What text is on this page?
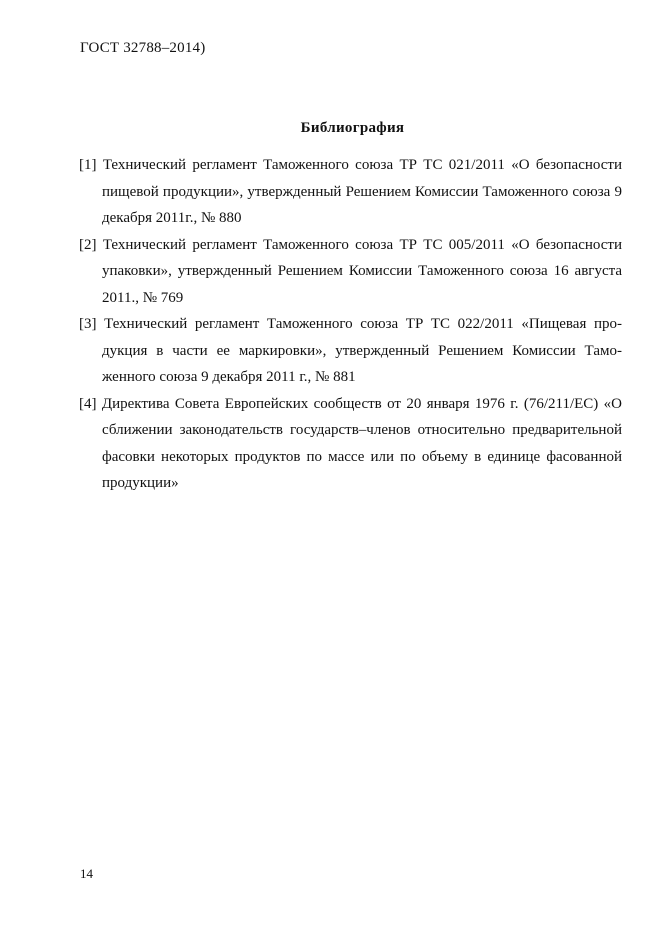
ГОСТ 32788–2014)
Библиография
[1] Технический регламент Таможенного союза ТР ТС 021/2011 «О безопасности пищевой продукции», утвержденный Решением Комиссии Таможенного союза 9 декабря 2011г., № 880
[2] Технический регламент Таможенного союза ТР ТС 005/2011 «О безопасности упаковки», утвержденный Решением Комиссии Таможенного союза 16 августа 2011., № 769
[3] Технический регламент Таможенного союза ТР ТС 022/2011 «Пищевая продукция в части ее маркировки», утвержденный Решением Комиссии Таможенного союза 9 декабря 2011 г., № 881
[4] Директива Совета Европейских сообществ от 20 января 1976 г. (76/211/ЕС) «О сближении законодательств государств–членов относительно предварительной фасовки некоторых продуктов по массе или по объему в единице фасованной продукции»
14
